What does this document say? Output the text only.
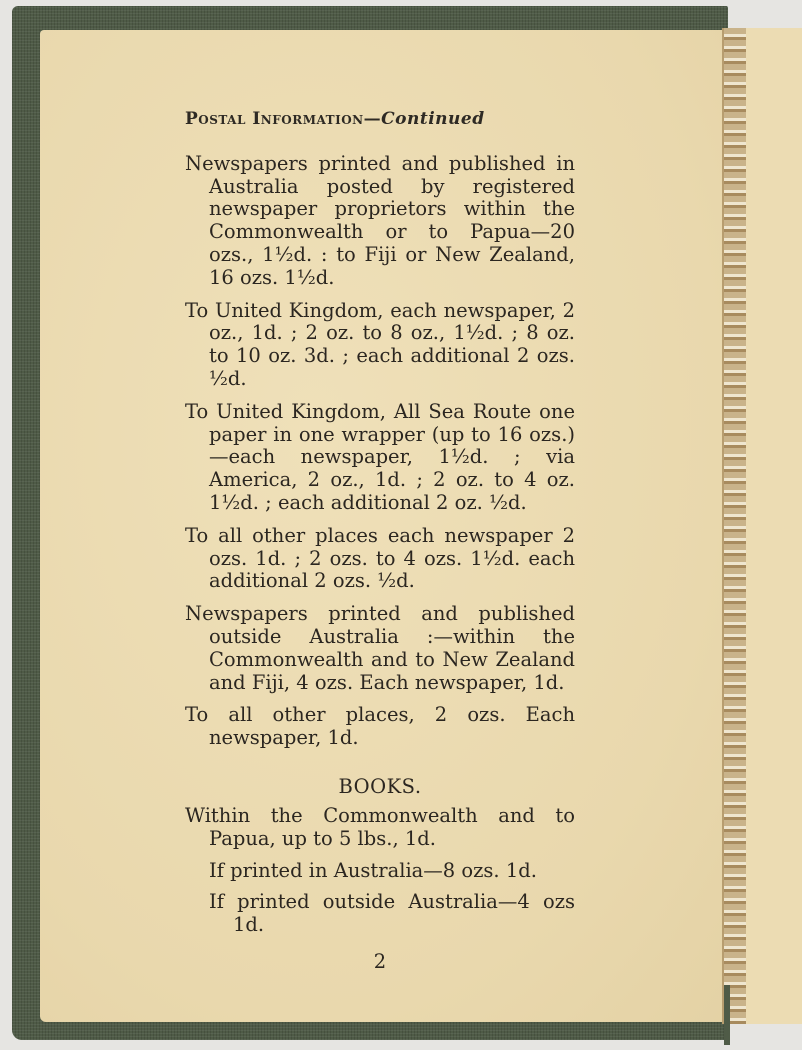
Postal Information—Continued

Newspapers printed and published in Australia posted by registered newspaper proprietors within the Commonwealth or to Papua—20 ozs., 1½d. : to Fiji or New Zealand, 16 ozs. 1½d.

To United Kingdom, each newspaper, 2 oz., 1d. ; 2 oz. to 8 oz., 1½d. ; 8 oz. to 10 oz. 3d. ; each additional 2 ozs. ½d.

To United Kingdom, All Sea Route one paper in one wrapper (up to 16 ozs.)—each newspaper, 1½d. ; via America, 2 oz., 1d. ; 2 oz. to 4 oz. 1½d. ; each additional 2 oz. ½d.

To all other places each newspaper 2 ozs. 1d. ; 2 ozs. to 4 ozs. 1½d. each additional 2 ozs. ½d.

Newspapers printed and published outside Australia :—within the Commonwealth and to New Zealand and Fiji, 4 ozs. Each newspaper, 1d.

To all other places, 2 ozs. Each newspaper, 1d.

BOOKS.

Within the Commonwealth and to Papua, up to 5 lbs., 1d.

If printed in Australia—8 ozs. 1d.

If printed outside Australia—4 ozs 1d.

2
